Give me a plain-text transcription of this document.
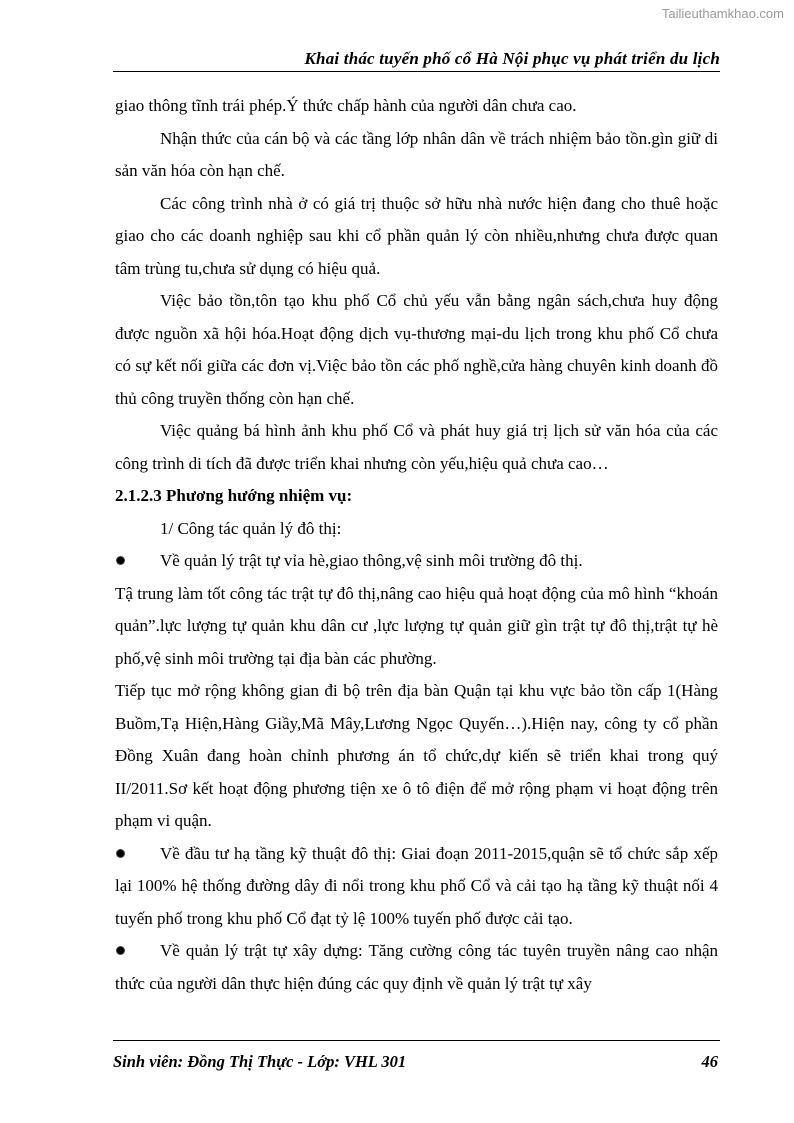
Tailieuthamkhao.com
Khai thác tuyến phố cổ Hà Nội phục vụ phát triển du lịch

giao thông tĩnh trái phép.Ý thức chấp hành của người dân chưa cao.

Nhận thức của cán bộ và các tầng lớp nhân dân về trách nhiệm bảo tồn.gìn giữ di sản văn hóa còn hạn chế.

Các công trình nhà ở có giá trị thuộc sở hữu nhà nước hiện đang cho thuê hoặc giao cho các doanh nghiệp sau khi cổ phần quản lý còn nhiều,nhưng chưa được quan tâm trùng tu,chưa sử dụng có hiệu quả.

Việc bảo tồn,tôn tạo khu phố Cổ chủ yếu vẫn bằng ngân sách,chưa huy động được nguồn xã hội hóa.Hoạt động dịch vụ-thương mại-du lịch trong khu phố Cổ chưa có sự kết nối giữa các đơn vị.Việc bảo tồn các phố nghề,cửa hàng chuyên kinh doanh đồ thủ công truyền thống còn hạn chế.

Việc quảng bá hình ảnh khu phố Cổ và phát huy giá trị lịch sử văn hóa của các công trình di tích đã được triển khai nhưng còn yếu,hiệu quả chưa cao…

2.1.2.3 Phương hướng nhiệm vụ:

1/ Công tác quản lý đô thị:

Về quản lý trật tự vỉa hè,giao thông,vệ sinh môi trường đô thị.

Tậ trung làm tốt công tác trật tự đô thị,nâng cao hiệu quả hoạt động của mô hình “khoán quản”.lực lượng tự quản khu dân cư ,lực lượng tự quản giữ gìn trật tự đô thị,trật tự hè phố,vệ sinh môi trường tại địa bàn các phường.

Tiếp tục mở rộng không gian đi bộ trên địa bàn Quận tại khu vực bảo tồn cấp 1(Hàng Buồm,Tạ Hiện,Hàng Giầy,Mã Mây,Lương Ngọc Quyến…).Hiện nay, công ty cổ phần Đồng Xuân đang hoàn chỉnh phương án tổ chức,dự kiến sẽ triển khai trong quý II/2011.Sơ kết hoạt động phương tiện xe ô tô điện để mở rộng phạm vi hoạt động trên phạm vi quận.

Về đầu tư hạ tầng kỹ thuật đô thị: Giai đoạn 2011-2015,quận sẽ tổ chức sắp xếp lại 100% hệ thống đường dây đi nổi trong khu phố Cổ và cải tạo hạ tầng kỹ thuật nối 4 tuyến phố trong khu phố Cổ đạt tỷ lệ 100% tuyến phố được cải tạo.

Về quản lý trật tự xây dựng: Tăng cường công tác tuyên truyền nâng cao nhận thức của người dân thực hiện đúng các quy định về quản lý trật tự xây

Sinh viên: Đồng Thị Thực - Lớp: VHL 301	46
